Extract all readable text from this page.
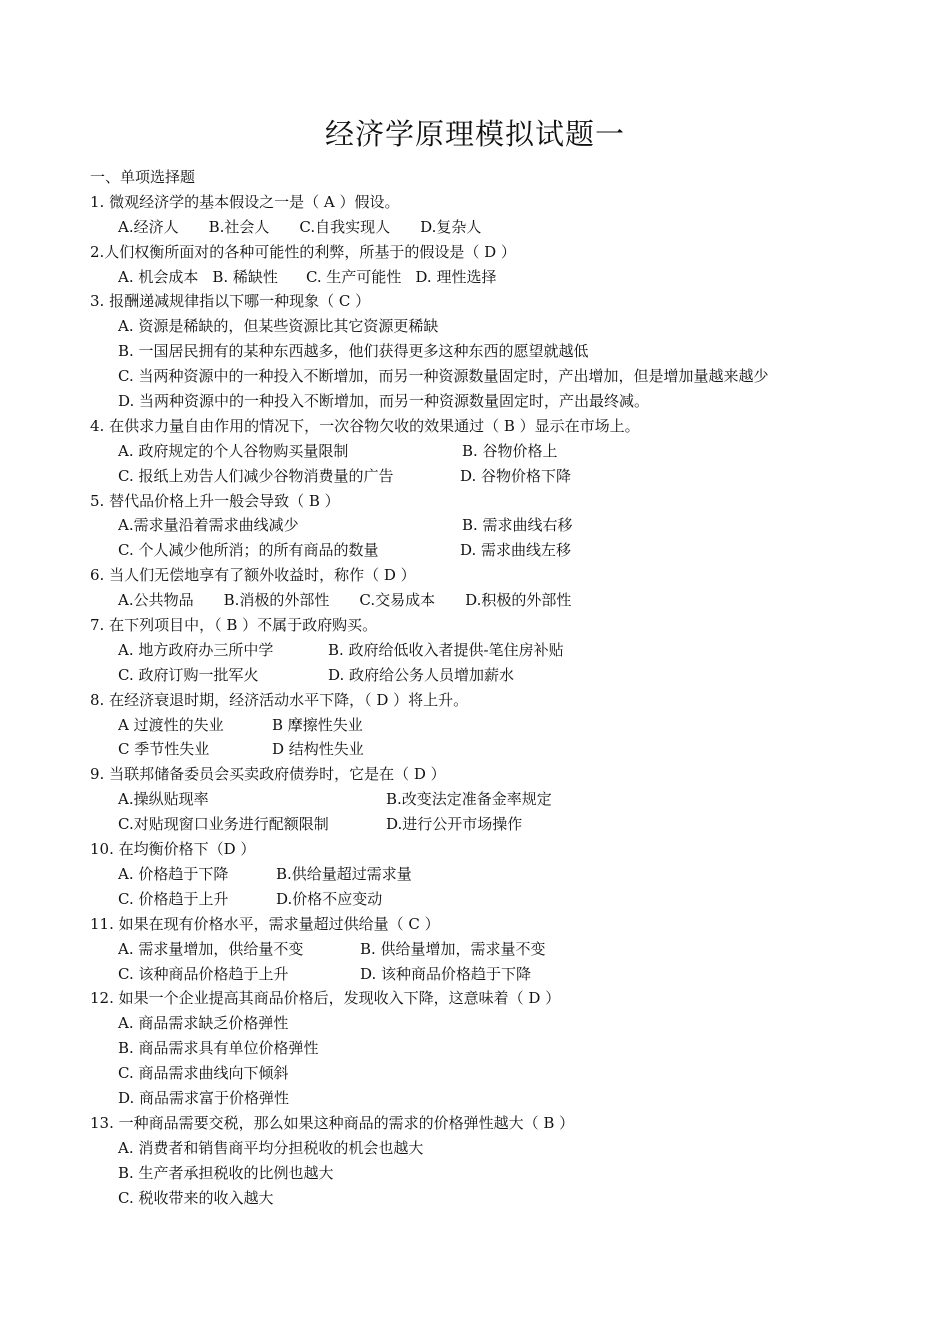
经济学原理模拟试题一
一、单项选择题
1. 微观经济学的基本假设之一是（ A ）假设。
A.经济人 B.社会人 C.自我实现人 D.复杂人
2.人们权衡所面对的各种可能性的利弊，所基于的假设是（ D ）
A. 机会成本 B. 稀缺性 C. 生产可能性 D. 理性选择
3. 报酬递减规律指以下哪一种现象（ C ）
A. 资源是稀缺的，但某些资源比其它资源更稀缺
B. 一国居民拥有的某种东西越多，他们获得更多这种东西的愿望就越低
C. 当两种资源中的一种投入不断增加，而另一种资源数量固定时，产出增加，但是增加量越来越少
D. 当两种资源中的一种投入不断增加，而另一种资源数量固定时，产出最终减。
4. 在供求力量自由作用的情况下，一次谷物欠收的效果通过（ B ）显示在市场上。
A. 政府规定的个人谷物购买量限制	B. 谷物价格上
C. 报纸上劝告人们减少谷物消费量的广告	D. 谷物价格下降
5. 替代品价格上升一般会导致（ B ）
A.需求量沿着需求曲线减少	B. 需求曲线右移
C. 个人减少他所消；的所有商品的数量	D. 需求曲线左移
6. 当人们无偿地享有了额外收益时，称作（ D ）
A.公共物品 B.消极的外部性 C.交易成本 D.积极的外部性
7. 在下列项目中，（ B ）不属于政府购买。
A. 地方政府办三所中学	B. 政府给低收入者提供-笔住房补贴
C. 政府订购一批军火	D. 政府给公务人员增加薪水
8. 在经济衰退时期，经济活动水平下降，（ D ）将上升。
A 过渡性的失业	B 摩擦性失业
C 季节性失业	D 结构性失业
9. 当联邦储备委员会买卖政府债券时，它是在（ D ）
A.操纵贴现率	B.改变法定准备金率规定
C.对贴现窗口业务进行配额限制	D.进行公开市场操作
10. 在均衡价格下（D ）
A. 价格趋于下降	B.供给量超过需求量
C. 价格趋于上升	D.价格不应变动
11. 如果在现有价格水平，需求量超过供给量（ C ）
A. 需求量增加，供给量不变	B. 供给量增加，需求量不变
C. 该种商品价格趋于上升	D. 该种商品价格趋于下降
12. 如果一个企业提高其商品价格后，发现收入下降，这意味着（ D ）
A. 商品需求缺乏价格弹性
B. 商品需求具有单位价格弹性
C. 商品需求曲线向下倾斜
D. 商品需求富于价格弹性
13. 一种商品需要交税，那么如果这种商品的需求的价格弹性越大（ B ）
A. 消费者和销售商平均分担税收的机会也越大
B. 生产者承担税收的比例也越大
C. 税收带来的收入越大
